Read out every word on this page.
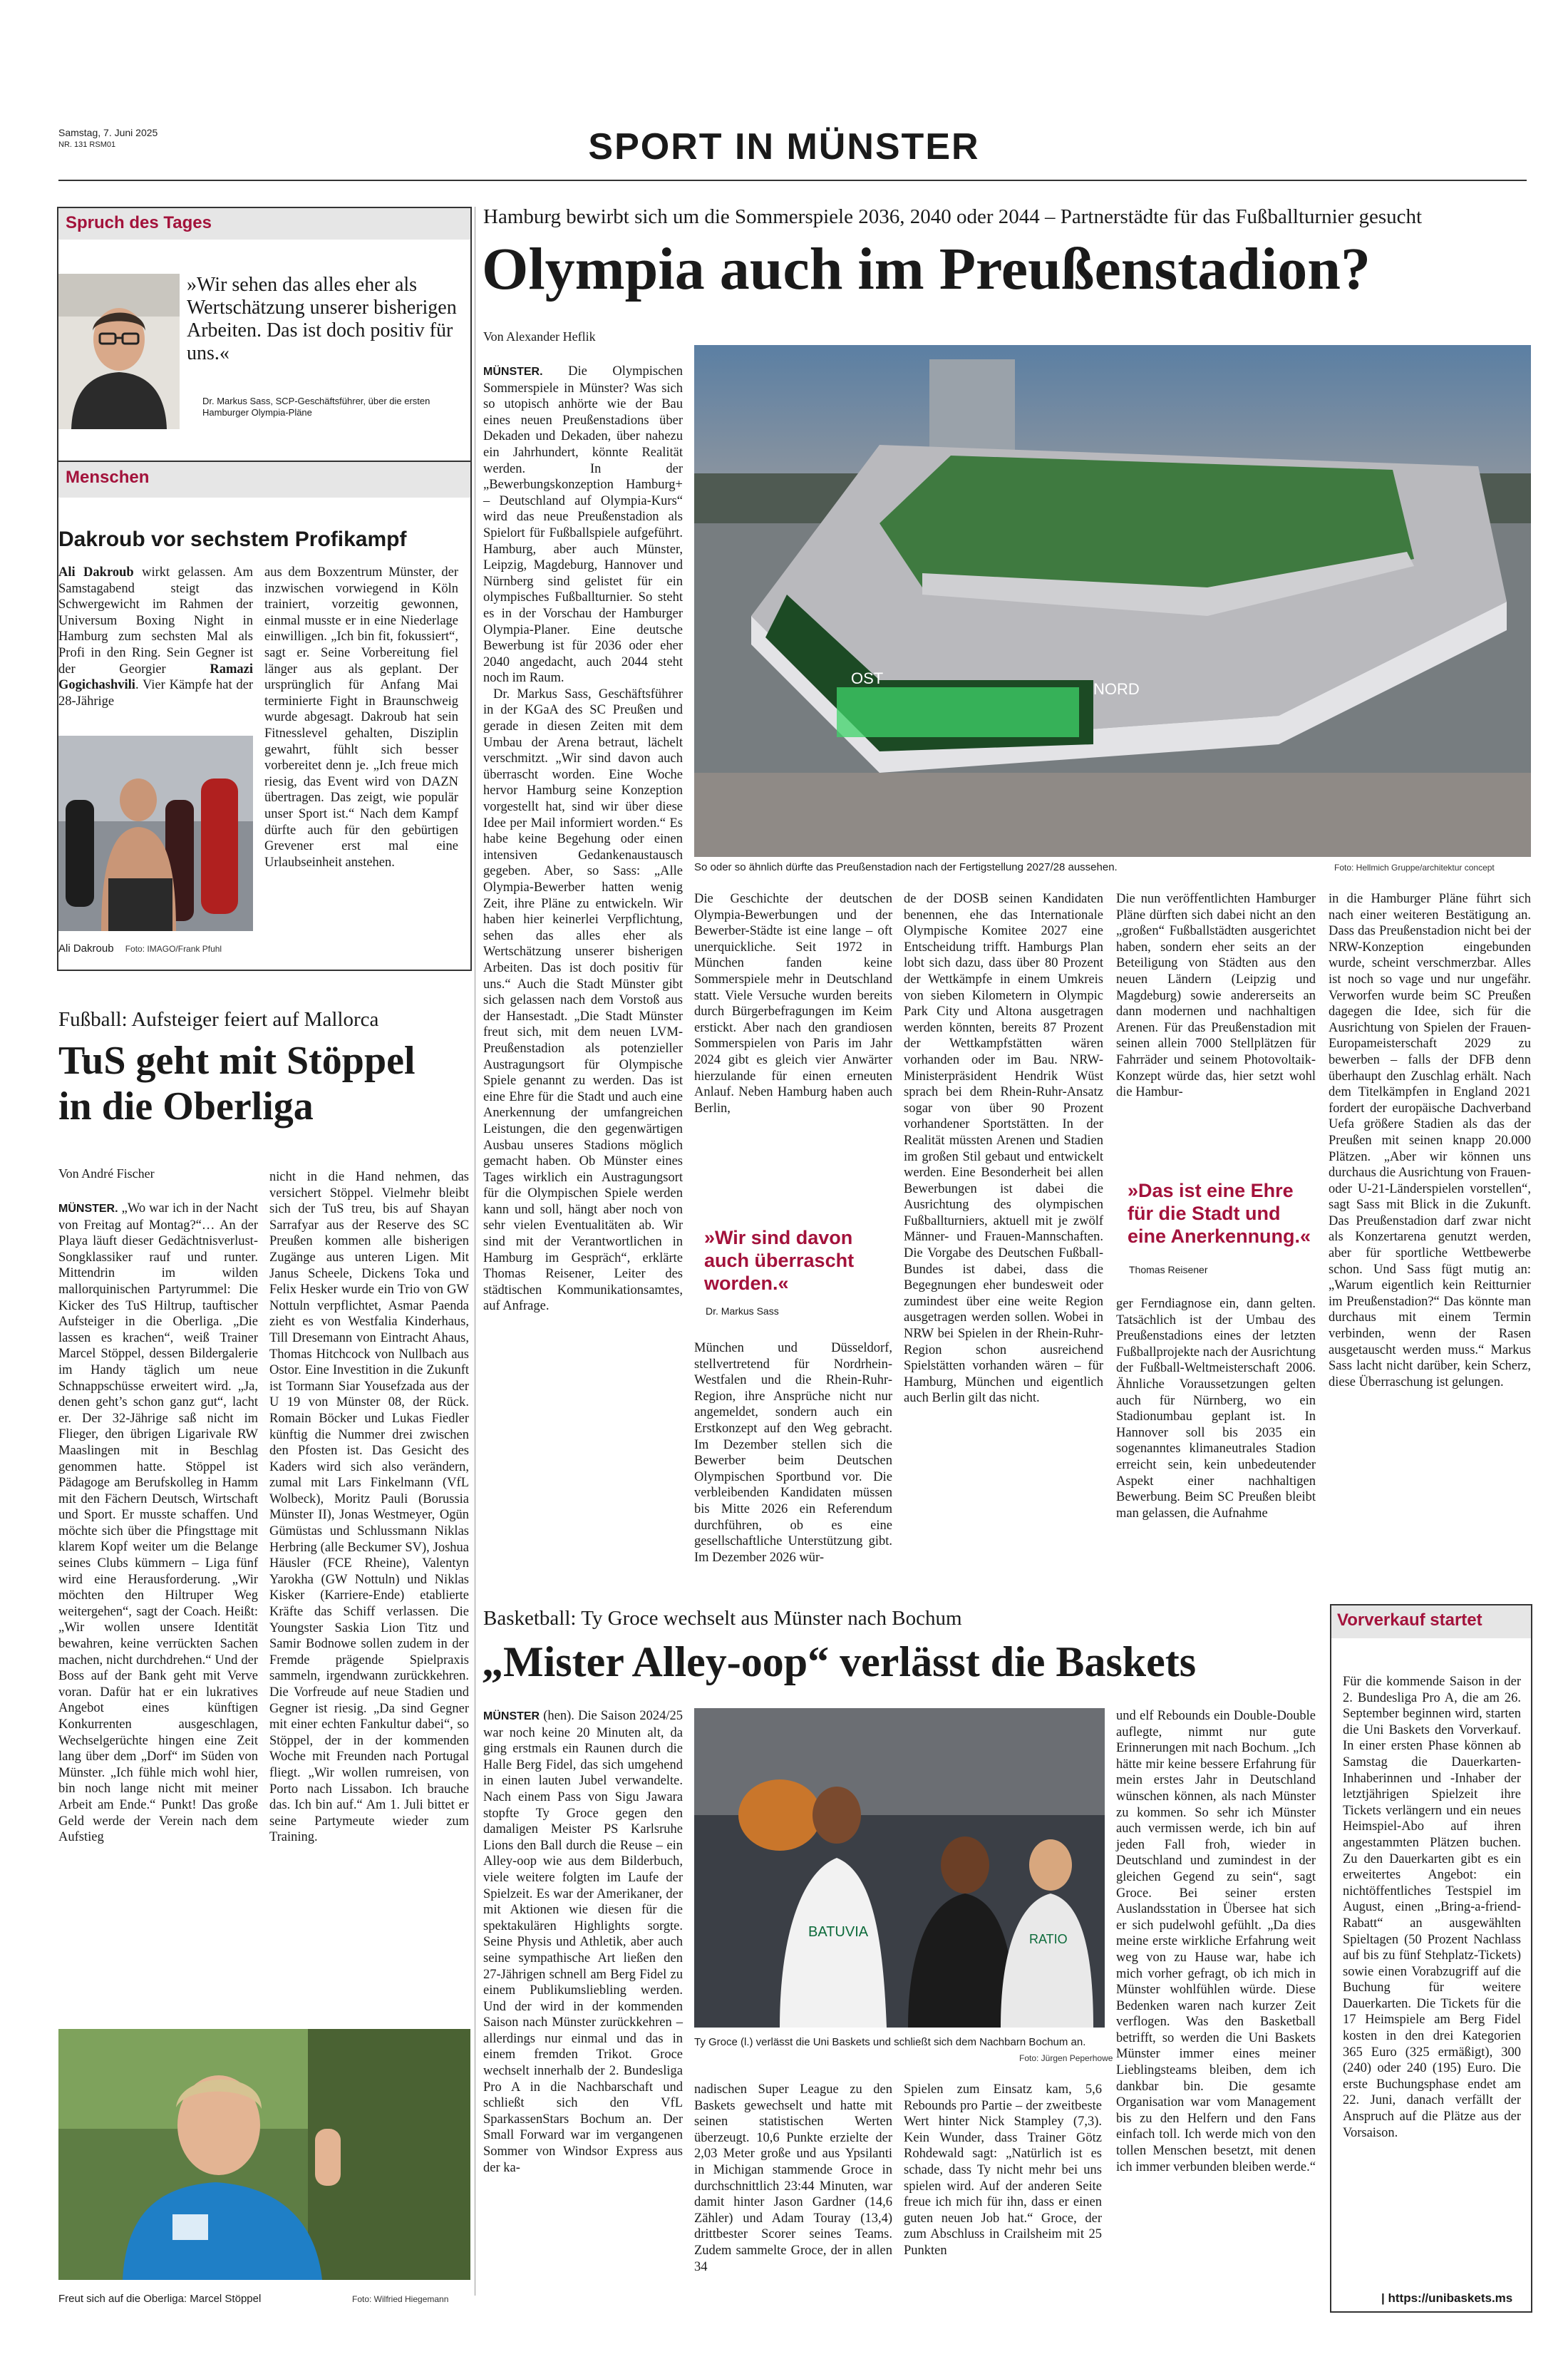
Samstag, 7. Juni 2025
NR. 131 RSM01	SPORT IN MÜNSTER
Spruch des Tages
»Wir sehen das alles eher als Wertschätzung unserer bisherigen Arbeiten. Das ist doch positiv für uns.«
Dr. Markus Sass, SCP-Geschäftsführer, über die ersten Hamburger Olympia-Pläne
Menschen
Dakroub vor sechstem Profikampf

Ali Dakroub wirkt gelassen. Am Samstagabend steigt das Schwergewicht im Rahmen der Universum Boxing Night in Hamburg zum sechsten Mal als Profi in den Ring. Sein Gegner ist der Georgier Ramazi Gogichashvili. Vier Kämpfe hat der 28-Jährige

Ali Dakroub Foto: IMAGO/Frank Pfuhl

aus dem Boxzentrum Münster, der inzwischen vorwiegend in Köln trainiert, vorzeitig gewonnen, einmal musste er in eine Niederlage einwilligen. „Ich bin fit, fokussiert“, sagt er. Seine Vorbereitung fiel länger aus als geplant. Der ursprünglich für Anfang Mai terminierte Fight in Braunschweig wurde abgesagt. Dakroub hat sein Fitnesslevel gehalten, Disziplin gewahrt, fühlt sich besser vorbereitet denn je. „Ich freue mich riesig, das Event wird von DAZN übertragen. Das zeigt, wie populär unser Sport ist.“ Nach dem Kampf dürfte auch für den gebürtigen Grevener erst mal eine Urlaubseinheit anstehen.

Fußball: Aufsteiger feiert auf Mallorca
TuS geht mit Stöppel
in die Oberliga
Von André Fischer

MÜNSTER. „Wo war ich in der Nacht von Freitag auf Montag?“… An der Playa läuft dieser Gedächtnisverlust-Songklassiker rauf und runter. Mittendrin im wilden mallorquinischen Partyrummel: Die Kicker des TuS Hiltrup, tauftischer Aufsteiger in die Oberliga. „Die lassen es krachen“, weiß Trainer Marcel Stöppel, dessen Bildergalerie im Handy täglich um neue Schnappschüsse erweitert wird. „Ja, denen geht’s schon ganz gut“, lacht er. Der 32-Jährige saß nicht im Flieger, den übrigen Ligarivale RW Maaslingen mit in Beschlag genommen hatte. Stöppel ist Pädagoge am Berufskolleg in Hamm mit den Fächern Deutsch, Wirtschaft und Sport. Er musste schaffen. Und möchte sich über die Pfingsttage mit klarem Kopf weiter um die Belange seines Clubs kümmern – Liga fünf wird eine Herausforderung. „Wir möchten den Hiltruper Weg weitergehen“, sagt der Coach. Heißt: „Wir wollen unsere Identität bewahren, keine verrückten Sachen machen, nicht durchdrehen.“ Und der Boss auf der Bank geht mit Verve voran. Dafür hat er ein lukratives Angebot eines künftigen Konkurrenten ausgeschlagen, Wechselgerüchte hingen eine Zeit lang über dem „Dorf“ im Süden von Münster. „Ich fühle mich wohl hier, bin noch lange nicht mit meiner Arbeit am Ende.“ Punkt! Das große Geld werde der Verein nach dem Aufstieg

nicht in die Hand nehmen, das versichert Stöppel. Vielmehr bleibt sich der TuS treu, bis auf Shayan Sarrafyar aus der Reserve des SC Preußen kommen alle bisherigen Zugänge aus unteren Ligen. Mit Janus Scheele, Dickens Toka und Felix Hesker wurde ein Trio von GW Nottuln verpflichtet, Asmar Paenda zieht es von Westfalia Kinderhaus, Till Dresemann von Eintracht Ahaus, Thomas Hitchcock von Nullbach aus Ostor. Eine Investition in die Zukunft ist Tormann Siar Yousefzada aus der U 19 von Münster 08, der Rück. Romain Böcker und Lukas Fiedler künftig die Nummer drei zwischen den Pfosten ist. Das Gesicht des Kaders wird sich also verändern, zumal mit Lars Finkelmann (VfL Wolbeck), Moritz Pauli (Borussia Münster II), Jonas Westmeyer, Ogün Gümüstas und Schlussmann Niklas Herbring (alle Beckumer SV), Joshua Häusler (FCE Rheine), Valentyn Yarokha (GW Nottuln) und Niklas Kisker (Karriere-Ende) etablierte Kräfte das Schiff verlassen. Die Youngster Saskia Lion Titz und Samir Bodnowe sollen zudem in der Fremde prägende Spielpraxis sammeln, irgendwann zurückkehren. Die Vorfreude auf neue Stadien und Gegner ist riesig. „Da sind Gegner mit einer echten Fankultur dabei“, so Stöppel, der in der kommenden Woche mit Freunden nach Portugal fliegt. „Wir wollen rumreisen, von Porto nach Lissabon. Ich brauche das. Ich bin auf.“ Am 1. Juli bittet er seine Partymeute wieder zum Training.

Freut sich auf die Oberliga: Marcel Stöppel	Foto: Wilfried Hiegemann
Hamburg bewirbt sich um die Sommerspiele 2036, 2040 oder 2044 – Partnerstädte für das Fußballturnier gesucht
Olympia auch im Preußenstadion?
Von Alexander Heflik

MÜNSTER. Die Olympischen Sommerspiele in Münster? Was sich so utopisch anhörte wie der Bau eines neuen Preußenstadions über Dekaden und Dekaden, über nahezu ein Jahrhundert, könnte Realität werden. In der „Bewerbungskonzeption Hamburg+ – Deutschland auf Olympia-Kurs“ wird das neue Preußenstadion als Spielort für Fußballspiele aufgeführt. Hamburg, aber auch Münster, Leipzig, Magdeburg, Hannover und Nürnberg sind gelistet für ein olympisches Fußballturnier. So steht es in der Vorschau der Hamburger Olympia-Planer. Eine deutsche Bewerbung ist für 2036 oder eher 2040 angedacht, auch 2044 steht noch im Raum.

Dr. Markus Sass, Geschäftsführer in der KGaA des SC Preußen und gerade in diesen Zeiten mit dem Umbau der Arena betraut, lächelt verschmitzt. „Wir sind davon auch überrascht worden. Eine Woche hervor Hamburg seine Konzeption vorgestellt hat, sind wir über diese Idee per Mail informiert worden.“ Es habe keine Begehung oder einen intensiven Gedankenaustausch gegeben. Aber, so Sass: „Alle Olympia-Bewerber hatten wenig Zeit, ihre Pläne zu entwickeln. Wir haben hier keinerlei Verpflichtung, sehen das alles eher als Wertschätzung unserer bisherigen Arbeiten. Das ist doch positiv für uns.“ Auch die Stadt Münster gibt sich gelassen nach dem Vorstoß aus der Hansestadt. „Die Stadt Münster freut sich, mit dem neuen LVM-Preußenstadion als potenzieller Austragungsort für Olympische Spiele genannt zu werden. Das ist eine Ehre für die Stadt und auch eine Anerkennung der umfangreichen Leistungen, die den gegenwärtigen Ausbau unseres Stadions möglich gemacht haben. Ob Münster eines Tages wirklich ein Austragungsort für die Olympischen Spiele werden kann und soll, hängt aber noch von sehr vielen Eventualitäten ab. Wir sind mit der Verantwortlichen in Hamburg im Gespräch“, erklärte Thomas Reisener, Leiter des städtischen Kommunikationsamtes, auf Anfrage.

OST
NORD
So oder so ähnlich dürfte das Preußenstadion nach der Fertigstellung 2027/28 aussehen.	Foto: Hellmich Gruppe/architektur concept

Die Geschichte der deutschen Olympia-Bewerbungen und der Bewerber-Städte ist eine lange – oft unerquickliche. Seit 1972 in München fanden keine Sommerspiele mehr in Deutschland statt. Viele Versuche wurden bereits durch Bürgerbefragungen im Keim erstickt. Aber nach den grandiosen Sommerspielen von Paris im Jahr 2024 gibt es gleich vier Anwärter hierzulande für einen erneuten Anlauf. Neben Hamburg haben auch Berlin,

»Wir sind davon auch überrascht worden.«
Dr. Markus Sass

München und Düsseldorf, stellvertretend für Nordrhein-Westfalen und die Rhein-Ruhr-Region, ihre Ansprüche nicht nur angemeldet, sondern auch ein Erstkonzept auf den Weg gebracht. Im Dezember stellen sich die Bewerber beim Deutschen Olympischen Sportbund vor. Die verbleibenden Kandidaten müssen bis Mitte 2026 ein Referendum durchführen, ob es eine gesellschaftliche Unterstützung gibt. Im Dezember 2026 wür-

de der DOSB seinen Kandidaten benennen, ehe das Internationale Olympische Komitee 2027 eine Entscheidung trifft. Hamburgs Plan lobt sich dazu, dass über 80 Prozent der Wettkämpfe in einem Umkreis von sieben Kilometern in Olympic Park City und Altona ausgetragen werden könnten, bereits 87 Prozent der Wettkampfstätten wären vorhanden oder im Bau. NRW-Ministerpräsident Hendrik Wüst sprach bei dem Rhein-Ruhr-Ansatz sogar von über 90 Prozent vorhandener Sportstätten. In der Realität müssten Arenen und Stadien im großen Stil gebaut und entwickelt werden. Eine Besonderheit bei allen Bewerbungen ist dabei die Ausrichtung des olympischen Fußballturniers, aktuell mit je zwölf Männer- und Frauen-Mannschaften. Die Vorgabe des Deutschen Fußball-Bundes ist dabei, dass die Begegnungen eher bundesweit oder zumindest über eine weite Region ausgetragen werden sollen. Wobei in NRW bei Spielen in der Rhein-Ruhr-Region schon ausreichend Spielstätten vorhanden wären – für Hamburg, München und eigentlich auch Berlin gilt das nicht.

Die nun veröffentlichten Hamburger Pläne dürften sich dabei nicht an den „großen“ Fußballstädten ausgerichtet haben, sondern eher seits an der Beteiligung von Städten aus den neuen Ländern (Leipzig und Magdeburg) sowie andererseits an dann modernen und nachhaltigen Arenen. Für das Preußenstadion mit seinen allein 7000 Stellplätzen für Fahrräder und seinem Photovoltaik-Konzept würde das, hier setzt wohl die Hambur-

»Das ist eine Ehre für die Stadt und eine Anerkennung.«
Thomas Reisener

ger Ferndiagnose ein, dann gelten. Tatsächlich ist der Umbau des Preußenstadions eines der letzten Fußballprojekte nach der Ausrichtung der Fußball-Weltmeisterschaft 2006. Ähnliche Voraussetzungen gelten auch für Nürnberg, wo ein Stadionumbau geplant ist. In Hannover soll bis 2035 ein sogenanntes klimaneutrales Stadion erreicht sein, kein unbedeutender Aspekt einer nachhaltigen Bewerbung. Beim SC Preußen bleibt man gelassen, die Aufnahme

in die Hamburger Pläne führt sich nach einer weiteren Bestätigung an. Dass das Preußenstadion nicht bei der NRW-Konzeption eingebunden wurde, scheint verschmerzbar. Alles ist noch so vage und nur ungefähr. Verworfen wurde beim SC Preußen dagegen die Idee, sich für die Ausrichtung von Spielen der Frauen-Europameisterschaft 2029 zu bewerben – falls der DFB denn überhaupt den Zuschlag erhält. Nach dem Titelkämpfen in England 2021 fordert der europäische Dachverband Uefa größere Stadien als das der Preußen mit seinen knapp 20.000 Plätzen. „Aber wir können uns durchaus die Ausrichtung von Frauen- oder U-21-Länderspielen vorstellen“, sagt Sass mit Blick in die Zukunft. Das Preußenstadion darf zwar nicht als Konzertarena genutzt werden, aber für sportliche Wettbewerbe schon. Und Sass fügt mutig an: „Warum eigentlich kein Reitturnier im Preußenstadion?“ Das könnte man durchaus mit einem Termin verbinden, wenn der Rasen ausgetauscht werden muss.“ Markus Sass lacht nicht darüber, kein Scherz, diese Überraschung ist gelungen.

Basketball: Ty Groce wechselt aus Münster nach Bochum
„Mister Alley-oop“ verlässt die Baskets

MÜNSTER (hen). Die Saison 2024/25 war noch keine 20 Minuten alt, da ging erstmals ein Raunen durch die Halle Berg Fidel, das sich umgehend in einen lauten Jubel verwandelte. Nach einem Pass von Sigu Jawara stopfte Ty Groce gegen den damaligen Meister PS Karlsruhe Lions den Ball durch die Reuse – ein Alley-oop wie aus dem Bilderbuch, viele weitere folgten im Laufe der Spielzeit. Es war der Amerikaner, der mit Aktionen wie diesen für die spektakulären Highlights sorgte. Seine Physis und Athletik, aber auch seine sympathische Art ließen den 27-Jährigen schnell am Berg Fidel zu einem Publikumsliebling werden. Und der wird in der kommenden Saison nach Münster zurückkehren – allerdings nur einmal und das in einem fremden Trikot. Groce wechselt innerhalb der 2. Bundesliga Pro A in die Nachbarschaft und schließt sich den VfL SparkassenStars Bochum an. Der Small Forward war im vergangenen Sommer von Windsor Express aus der ka-

BATUVIA	RATIO
Ty Groce (l.) verlässt die Uni Baskets und schließt sich dem Nachbarn Bochum an.
Foto: Jürgen Peperhowe

nadischen Super League zu den Baskets gewechselt und hatte mit seinen statistischen Werten überzeugt. 10,6 Punkte erzielte der 2,03 Meter große und aus Ypsilanti in Michigan stammende Groce in durchschnittlich 23:44 Minuten, war damit hinter Jason Gardner (14,6 Zähler) und Adam Touray (13,4) drittbester Scorer seines Teams. Zudem sammelte Groce, der in allen 34

Spielen zum Einsatz kam, 5,6 Rebounds pro Partie – der zweitbeste Wert hinter Nick Stampley (7,3). Kein Wunder, dass Trainer Götz Rohdewald sagt: „Natürlich ist es schade, dass Ty nicht mehr bei uns spielen wird. Auf der anderen Seite freue ich mich für ihn, dass er einen guten neuen Job hat.“ Groce, der zum Abschluss in Crailsheim mit 25 Punkten

und elf Rebounds ein Double-Double auflegte, nimmt nur gute Erinnerungen mit nach Bochum. „Ich hätte mir keine bessere Erfahrung für mein erstes Jahr in Deutschland wünschen können, als nach Münster zu kommen. So sehr ich Münster auch vermissen werde, ich bin auf jeden Fall froh, wieder in Deutschland und zumindest in der gleichen Gegend zu sein“, sagt Groce. Bei seiner ersten Auslandsstation in Übersee hat sich er sich pudelwohl gefühlt. „Da dies meine erste wirkliche Erfahrung weit weg von zu Hause war, habe ich mich vorher gefragt, ob ich mich in Münster wohlfühlen würde. Diese Bedenken waren nach kurzer Zeit verflogen. Was den Basketball betrifft, so werden die Uni Baskets Münster immer eines meiner Lieblingsteams bleiben, dem ich dankbar bin. Die gesamte Organisation war vom Management bis zu den Helfern und den Fans einfach toll. Ich werde mich von den tollen Menschen besetzt, mit denen ich immer verbunden bleiben werde.“

Vorverkauf startet

Für die kommende Saison in der 2. Bundesliga Pro A, die am 26. September beginnen wird, starten die Uni Baskets den Vorverkauf. In einer ersten Phase können ab Samstag die Dauerkarten-Inhaberinnen und -Inhaber der letztjährigen Spielzeit ihre Tickets verlängern und ein neues Heimspiel-Abo auf ihren angestammten Plätzen buchen. Zu den Dauerkarten gibt es ein erweitertes Angebot: ein nichtöffentliches Testspiel im August, einen „Bring-a-friend-Rabatt“ an ausgewählten Spieltagen (50 Prozent Nachlass auf bis zu fünf Stehplatz-Tickets) sowie einen Vorabzugriff auf die Buchung für weitere Dauerkarten. Die Tickets für die 17 Heimspiele am Berg Fidel kosten in den drei Kategorien 365 Euro (325 ermäßigt), 300 (240) oder 240 (195) Euro. Die erste Buchungsphase endet am 22. Juni, danach verfällt der Anspruch auf die Plätze aus der Vorsaison.

| https://unibaskets.ms
